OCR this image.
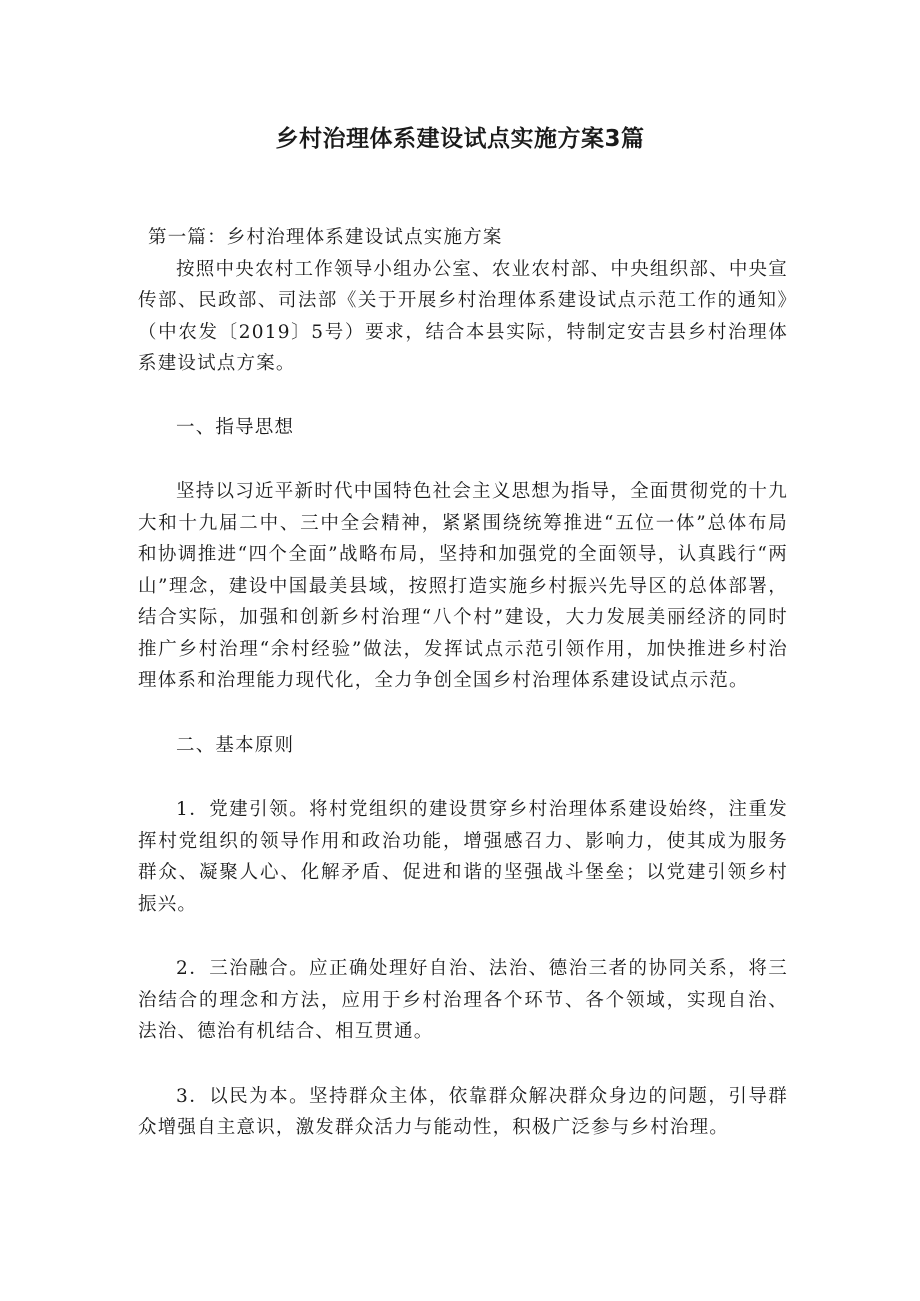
乡村治理体系建设试点实施方案3篇

第一篇：乡村治理体系建设试点实施方案

按照中央农村工作领导小组办公室、农业农村部、中央组织部、中央宣传部、民政部、司法部《关于开展乡村治理体系建设试点示范工作的通知》（中农发〔2019〕5号）要求，结合本县实际，特制定安吉县乡村治理体系建设试点方案。

一、指导思想

坚持以习近平新时代中国特色社会主义思想为指导，全面贯彻党的十九大和十九届二中、三中全会精神，紧紧围绕统筹推进“五位一体”总体布局和协调推进“四个全面”战略布局，坚持和加强党的全面领导，认真践行“两山”理念，建设中国最美县域，按照打造实施乡村振兴先导区的总体部署，结合实际，加强和创新乡村治理“八个村”建设，大力发展美丽经济的同时推广乡村治理“余村经验”做法，发挥试点示范引领作用，加快推进乡村治理体系和治理能力现代化，全力争创全国乡村治理体系建设试点示范。

二、基本原则

1．党建引领。将村党组织的建设贯穿乡村治理体系建设始终，注重发挥村党组织的领导作用和政治功能，增强感召力、影响力，使其成为服务群众、凝聚人心、化解矛盾、促进和谐的坚强战斗堡垒；以党建引领乡村振兴。

2．三治融合。应正确处理好自治、法治、德治三者的协同关系，将三治结合的理念和方法，应用于乡村治理各个环节、各个领域，实现自治、法治、德治有机结合、相互贯通。

3．以民为本。坚持群众主体，依靠群众解决群众身边的问题，引导群众增强自主意识，激发群众活力与能动性，积极广泛参与乡村治理。
